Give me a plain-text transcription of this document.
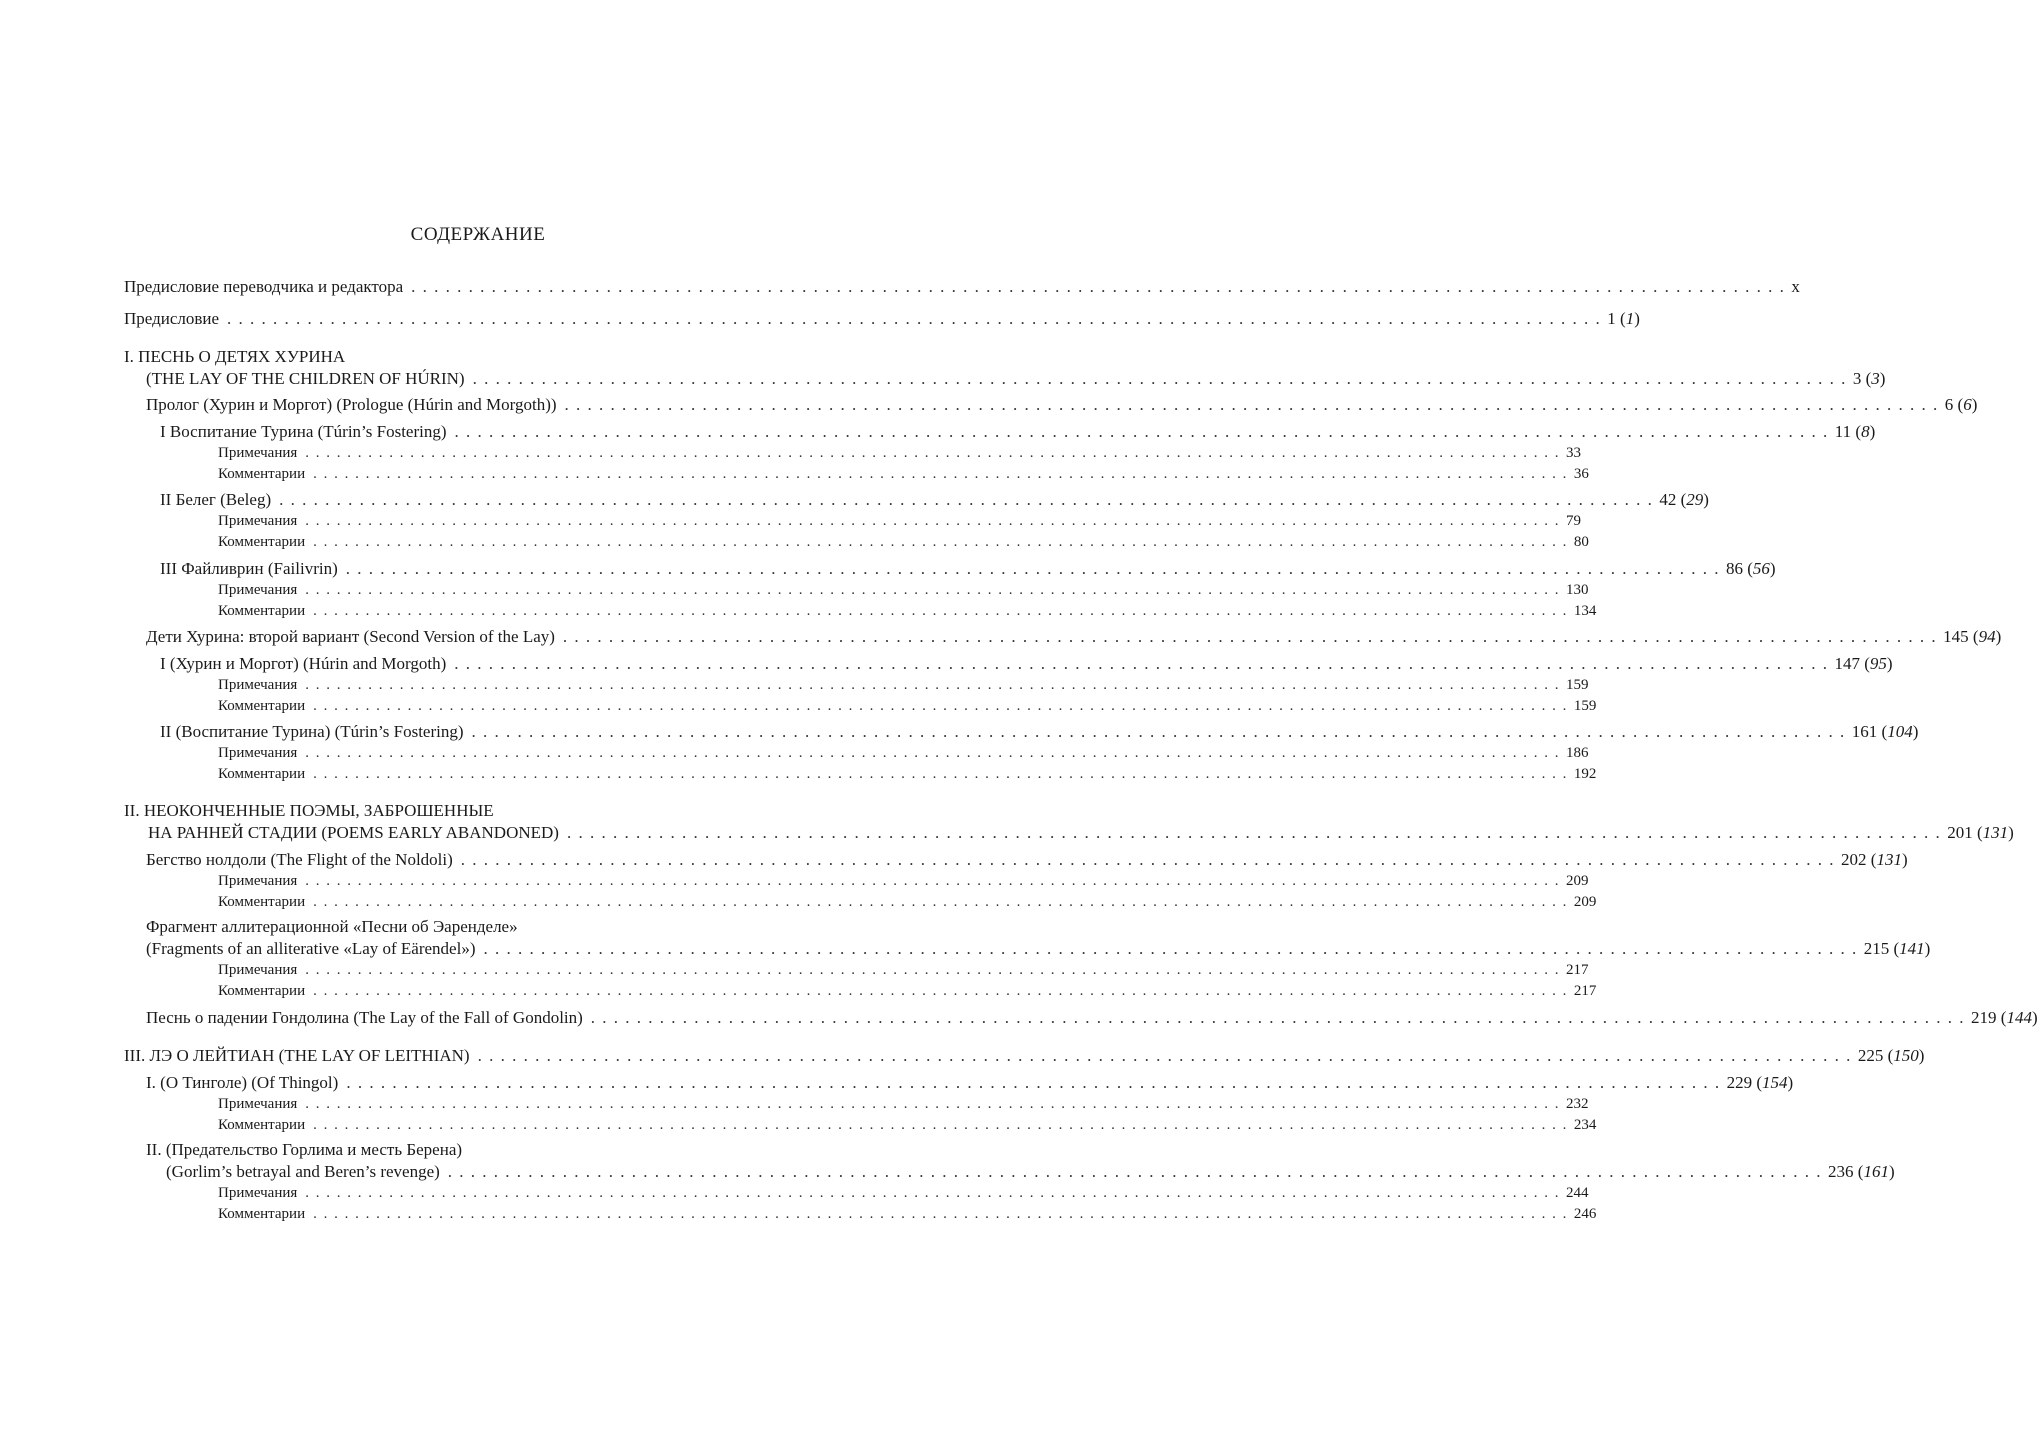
СОДЕРЖАНИЕ
I. ПЕСНЬ О ДЕТЯХ ХУРИНА
II. НЕОКОНЧЕННЫЕ ПОЭМЫ, ЗАБРОШЕННЫЕ
Фрагмент аллитерационной «Песни об Эаренделе»
II. (Предательство Горлима и месть Берена)
Предисловие переводчика и редактора . . . . . . . . . . . . . . . . . . . . . . . . . . . . . . . . . . . . . . . . . . . . . . . . . . . . . . . . . . . . . . . . . . . . . . . . . . . . . . . . . . . . . . . . . . . . . . . . . . . . . . . . . . . . . . . . . . . . . . . . x
Предисловие . . . . . . . . . . . . . . . . . . . . . . . . . . . . . . . . . . . . . . . . . . . . . . . . . . . . . . . . . . . . . . . . . . . . . . . . . . . . . . . . . . . . . . . . . . . . . . . . . . . . . . . . . . . . . . . . . . . . . . . . 1 (1)
(THE LAY OF THE CHILDREN OF HÚRIN) . . . . . . . . . . . . . . . . . . . . . . . . . . . . . . . . . . . . . . . . . . . . . . . . . . . . . . . . . . . . . . . . . . . . . . . . . . . . . . . . . . . . . . . . . . . . . . . . . . . . . . . . . . . . . . . . . . . . . . . . 3 (3)
Пролог (Хурин и Моргот) (Prologue (Húrin and Morgoth)) . . . . . . . . . . . . . . . . . . . . . . . . . . . . . . . . . . . . . . . . . . . . . . . . . . . . . . . . . . . . . . . . . . . . . . . . . . . . . . . . . . . . . . . . . . . . . . . . . . . . . . . . . . . . . . . . . . . . . . . . 6 (6)
I Воспитание Турина (Túrin’s Fostering) . . . . . . . . . . . . . . . . . . . . . . . . . . . . . . . . . . . . . . . . . . . . . . . . . . . . . . . . . . . . . . . . . . . . . . . . . . . . . . . . . . . . . . . . . . . . . . . . . . . . . . . . . . . . . . . . . . . . . . . . 11 (8)
Примечания . . . . . . . . . . . . . . . . . . . . . . . . . . . . . . . . . . . . . . . . . . . . . . . . . . . . . . . . . . . . . . . . . . . . . . . . . . . . . . . . . . . . . . . . . . . . . . . . . . . . . . . . . . . . . . . . . . . . . . . . 33
Комментарии . . . . . . . . . . . . . . . . . . . . . . . . . . . . . . . . . . . . . . . . . . . . . . . . . . . . . . . . . . . . . . . . . . . . . . . . . . . . . . . . . . . . . . . . . . . . . . . . . . . . . . . . . . . . . . . . . . . . . . . . 36
II Белег (Beleg) . . . . . . . . . . . . . . . . . . . . . . . . . . . . . . . . . . . . . . . . . . . . . . . . . . . . . . . . . . . . . . . . . . . . . . . . . . . . . . . . . . . . . . . . . . . . . . . . . . . . . . . . . . . . . . . . . . . . . . . . 42 (29)
Примечания . . . . . . . . . . . . . . . . . . . . . . . . . . . . . . . . . . . . . . . . . . . . . . . . . . . . . . . . . . . . . . . . . . . . . . . . . . . . . . . . . . . . . . . . . . . . . . . . . . . . . . . . . . . . . . . . . . . . . . . . 79
Комментарии . . . . . . . . . . . . . . . . . . . . . . . . . . . . . . . . . . . . . . . . . . . . . . . . . . . . . . . . . . . . . . . . . . . . . . . . . . . . . . . . . . . . . . . . . . . . . . . . . . . . . . . . . . . . . . . . . . . . . . . . 80
III Файливрин (Failivrin) . . . . . . . . . . . . . . . . . . . . . . . . . . . . . . . . . . . . . . . . . . . . . . . . . . . . . . . . . . . . . . . . . . . . . . . . . . . . . . . . . . . . . . . . . . . . . . . . . . . . . . . . . . . . . . . . . . . . . . . . 86 (56)
Примечания . . . . . . . . . . . . . . . . . . . . . . . . . . . . . . . . . . . . . . . . . . . . . . . . . . . . . . . . . . . . . . . . . . . . . . . . . . . . . . . . . . . . . . . . . . . . . . . . . . . . . . . . . . . . . . . . . . . . . . . . 130
Комментарии . . . . . . . . . . . . . . . . . . . . . . . . . . . . . . . . . . . . . . . . . . . . . . . . . . . . . . . . . . . . . . . . . . . . . . . . . . . . . . . . . . . . . . . . . . . . . . . . . . . . . . . . . . . . . . . . . . . . . . . . 134
Дети Хурина: второй вариант (Second Version of the Lay) . . . . . . . . . . . . . . . . . . . . . . . . . . . . . . . . . . . . . . . . . . . . . . . . . . . . . . . . . . . . . . . . . . . . . . . . . . . . . . . . . . . . . . . . . . . . . . . . . . . . . . . . . . . . . . . . . . . . . . . . 145 (94)
I (Хурин и Моргот) (Húrin and Morgoth) . . . . . . . . . . . . . . . . . . . . . . . . . . . . . . . . . . . . . . . . . . . . . . . . . . . . . . . . . . . . . . . . . . . . . . . . . . . . . . . . . . . . . . . . . . . . . . . . . . . . . . . . . . . . . . . . . . . . . . . . 147 (95)
Примечания . . . . . . . . . . . . . . . . . . . . . . . . . . . . . . . . . . . . . . . . . . . . . . . . . . . . . . . . . . . . . . . . . . . . . . . . . . . . . . . . . . . . . . . . . . . . . . . . . . . . . . . . . . . . . . . . . . . . . . . . 159
Комментарии . . . . . . . . . . . . . . . . . . . . . . . . . . . . . . . . . . . . . . . . . . . . . . . . . . . . . . . . . . . . . . . . . . . . . . . . . . . . . . . . . . . . . . . . . . . . . . . . . . . . . . . . . . . . . . . . . . . . . . . . 159
II (Воспитание Турина) (Túrin’s Fostering) . . . . . . . . . . . . . . . . . . . . . . . . . . . . . . . . . . . . . . . . . . . . . . . . . . . . . . . . . . . . . . . . . . . . . . . . . . . . . . . . . . . . . . . . . . . . . . . . . . . . . . . . . . . . . . . . . . . . . . . . 161 (104)
Примечания . . . . . . . . . . . . . . . . . . . . . . . . . . . . . . . . . . . . . . . . . . . . . . . . . . . . . . . . . . . . . . . . . . . . . . . . . . . . . . . . . . . . . . . . . . . . . . . . . . . . . . . . . . . . . . . . . . . . . . . . 186
Комментарии . . . . . . . . . . . . . . . . . . . . . . . . . . . . . . . . . . . . . . . . . . . . . . . . . . . . . . . . . . . . . . . . . . . . . . . . . . . . . . . . . . . . . . . . . . . . . . . . . . . . . . . . . . . . . . . . . . . . . . . . 192
НА РАННЕЙ СТАДИИ (POEMS EARLY ABANDONED) . . . . . . . . . . . . . . . . . . . . . . . . . . . . . . . . . . . . . . . . . . . . . . . . . . . . . . . . . . . . . . . . . . . . . . . . . . . . . . . . . . . . . . . . . . . . . . . . . . . . . . . . . . . . . . . . . . . . . . . . 201 (131)
Бегство нолдоли (The Flight of the Noldoli) . . . . . . . . . . . . . . . . . . . . . . . . . . . . . . . . . . . . . . . . . . . . . . . . . . . . . . . . . . . . . . . . . . . . . . . . . . . . . . . . . . . . . . . . . . . . . . . . . . . . . . . . . . . . . . . . . . . . . . . . 202 (131)
Примечания . . . . . . . . . . . . . . . . . . . . . . . . . . . . . . . . . . . . . . . . . . . . . . . . . . . . . . . . . . . . . . . . . . . . . . . . . . . . . . . . . . . . . . . . . . . . . . . . . . . . . . . . . . . . . . . . . . . . . . . . 209
Комментарии . . . . . . . . . . . . . . . . . . . . . . . . . . . . . . . . . . . . . . . . . . . . . . . . . . . . . . . . . . . . . . . . . . . . . . . . . . . . . . . . . . . . . . . . . . . . . . . . . . . . . . . . . . . . . . . . . . . . . . . . 209
(Fragments of an alliterative «Lay of Eärendel») . . . . . . . . . . . . . . . . . . . . . . . . . . . . . . . . . . . . . . . . . . . . . . . . . . . . . . . . . . . . . . . . . . . . . . . . . . . . . . . . . . . . . . . . . . . . . . . . . . . . . . . . . . . . . . . . . . . . . . . . 215 (141)
Примечания . . . . . . . . . . . . . . . . . . . . . . . . . . . . . . . . . . . . . . . . . . . . . . . . . . . . . . . . . . . . . . . . . . . . . . . . . . . . . . . . . . . . . . . . . . . . . . . . . . . . . . . . . . . . . . . . . . . . . . . . 217
Комментарии . . . . . . . . . . . . . . . . . . . . . . . . . . . . . . . . . . . . . . . . . . . . . . . . . . . . . . . . . . . . . . . . . . . . . . . . . . . . . . . . . . . . . . . . . . . . . . . . . . . . . . . . . . . . . . . . . . . . . . . . 217
Песнь о падении Гондолина (The Lay of the Fall of Gondolin) . . . . . . . . . . . . . . . . . . . . . . . . . . . . . . . . . . . . . . . . . . . . . . . . . . . . . . . . . . . . . . . . . . . . . . . . . . . . . . . . . . . . . . . . . . . . . . . . . . . . . . . . . . . . . . . . . . . . . . . . 219 (144)
III. ЛЭ О ЛЕЙТИАН (THE LAY OF LEITHIAN) . . . . . . . . . . . . . . . . . . . . . . . . . . . . . . . . . . . . . . . . . . . . . . . . . . . . . . . . . . . . . . . . . . . . . . . . . . . . . . . . . . . . . . . . . . . . . . . . . . . . . . . . . . . . . . . . . . . . . . . . 225 (150)
I. (О Тинголе) (Of Thingol) . . . . . . . . . . . . . . . . . . . . . . . . . . . . . . . . . . . . . . . . . . . . . . . . . . . . . . . . . . . . . . . . . . . . . . . . . . . . . . . . . . . . . . . . . . . . . . . . . . . . . . . . . . . . . . . . . . . . . . . . 229 (154)
Примечания . . . . . . . . . . . . . . . . . . . . . . . . . . . . . . . . . . . . . . . . . . . . . . . . . . . . . . . . . . . . . . . . . . . . . . . . . . . . . . . . . . . . . . . . . . . . . . . . . . . . . . . . . . . . . . . . . . . . . . . . 232
Комментарии . . . . . . . . . . . . . . . . . . . . . . . . . . . . . . . . . . . . . . . . . . . . . . . . . . . . . . . . . . . . . . . . . . . . . . . . . . . . . . . . . . . . . . . . . . . . . . . . . . . . . . . . . . . . . . . . . . . . . . . . 234
(Gorlim’s betrayal and Beren’s revenge) . . . . . . . . . . . . . . . . . . . . . . . . . . . . . . . . . . . . . . . . . . . . . . . . . . . . . . . . . . . . . . . . . . . . . . . . . . . . . . . . . . . . . . . . . . . . . . . . . . . . . . . . . . . . . . . . . . . . . . . . 236 (161)
Примечания . . . . . . . . . . . . . . . . . . . . . . . . . . . . . . . . . . . . . . . . . . . . . . . . . . . . . . . . . . . . . . . . . . . . . . . . . . . . . . . . . . . . . . . . . . . . . . . . . . . . . . . . . . . . . . . . . . . . . . . . 244
Комментарии . . . . . . . . . . . . . . . . . . . . . . . . . . . . . . . . . . . . . . . . . . . . . . . . . . . . . . . . . . . . . . . . . . . . . . . . . . . . . . . . . . . . . . . . . . . . . . . . . . . . . . . . . . . . . . . . . . . . . . . . 246
